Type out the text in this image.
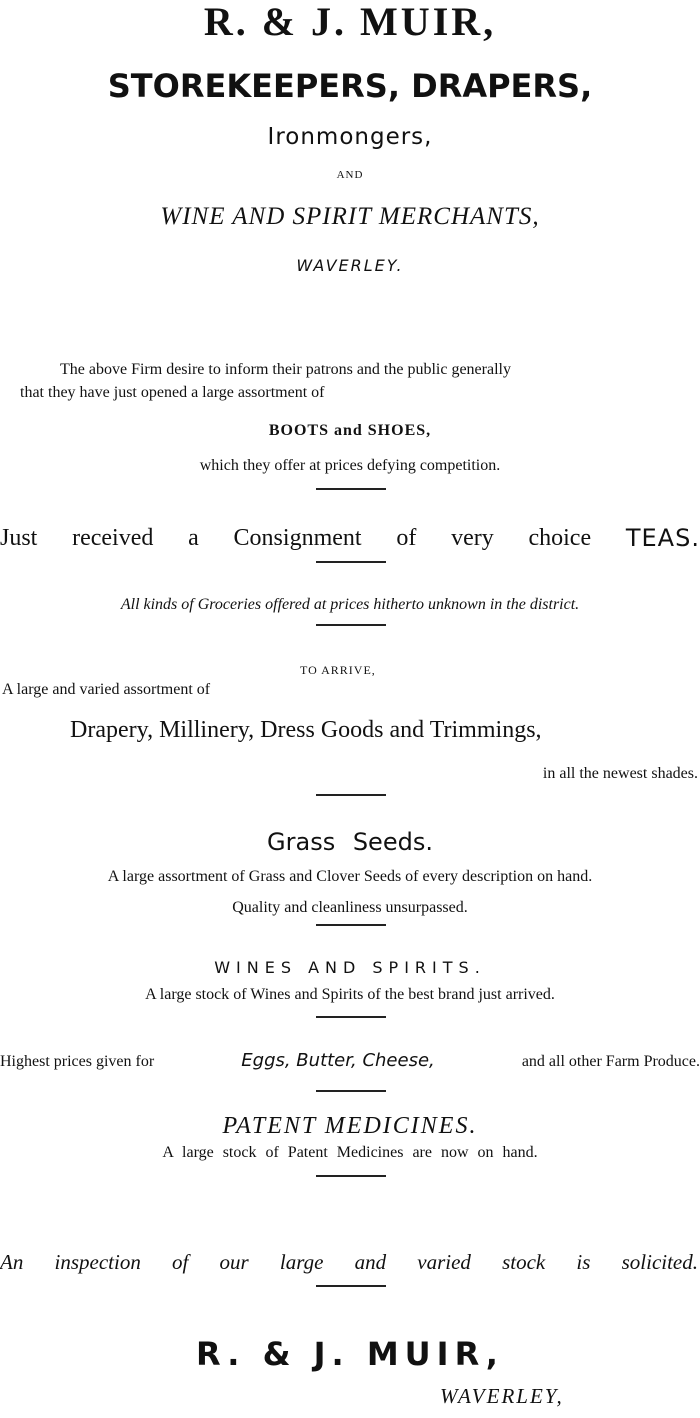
R. & J. MUIR,
STOREKEEPERS, DRAPERS,
Ironmongers,
AND
WINE AND SPIRIT MERCHANTS,
WAVERLEY.
The above Firm desire to inform their patrons and the public generally
that they have just opened a large assortment of
BOOTS and SHOES,
which they offer at prices defying competition.
Just received a Consignment of very choice TEAS.
All kinds of Groceries offered at prices hitherto unknown in the district.
TO ARRIVE,
A large and varied assortment of
Drapery, Millinery, Dress Goods and Trimmings,
in all the newest shades.
Grass Seeds.
A large assortment of Grass and Clover Seeds of every description on hand.
Quality and cleanliness unsurpassed.
WINES AND SPIRITS.
A large stock of Wines and Spirits of the best brand just arrived.
Highest prices given for	Eggs, Butter, Cheese,	and all other Farm Produce.
PATENT MEDICINES.
A large stock of Patent Medicines are now on hand.
An inspection of our large and varied stock is solicited.
R. & J. MUIR,
WAVERLEY,
